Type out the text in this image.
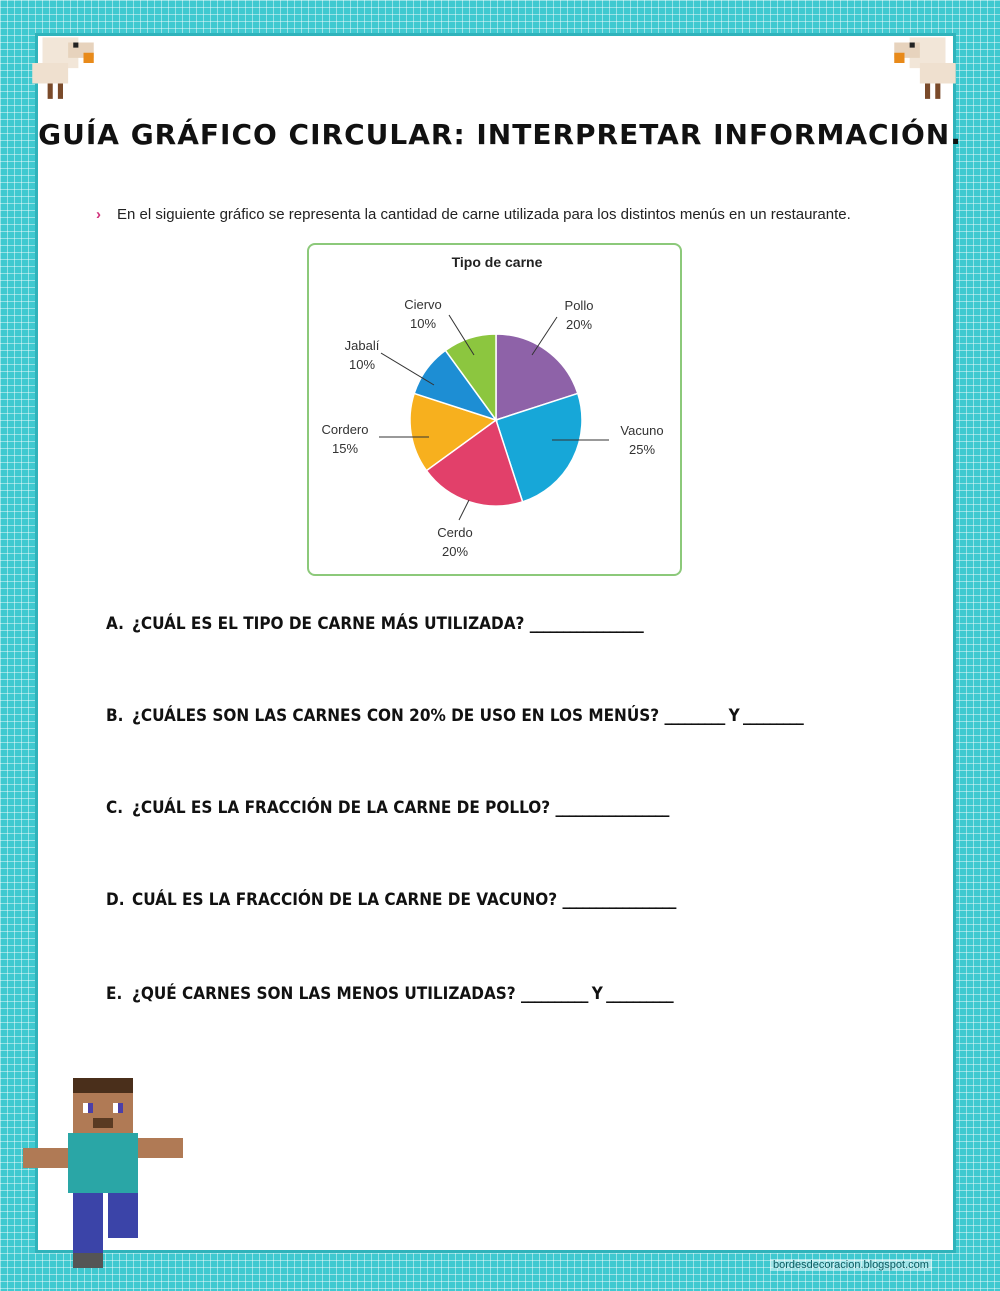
GUÍA GRÁFICO CIRCULAR: INTERPRETAR INFORMACIÓN.
› En el siguiente gráfico se representa la cantidad de carne utilizada para los distintos menús en un restaurante.
Tipo de carne
Pollo
20%
Vacuno
25%
Cerdo
20%
Cordero
15%
Jabalí
10%
Ciervo
10%
A. ¿CUÁL ES EL TIPO DE CARNE MÁS UTILIZADA? _________________
B. ¿CUÁLES SON LAS CARNES CON 20% DE USO EN LOS MENÚS? _________ Y _________
C. ¿CUÁL ES LA FRACCIÓN DE LA CARNE DE POLLO? _________________
D. CUÁL ES LA FRACCIÓN DE LA CARNE DE VACUNO? _________________
E. ¿QUÉ CARNES SON LAS MENOS UTILIZADAS? __________ Y __________
bordesdecoracion.blogspot.com
